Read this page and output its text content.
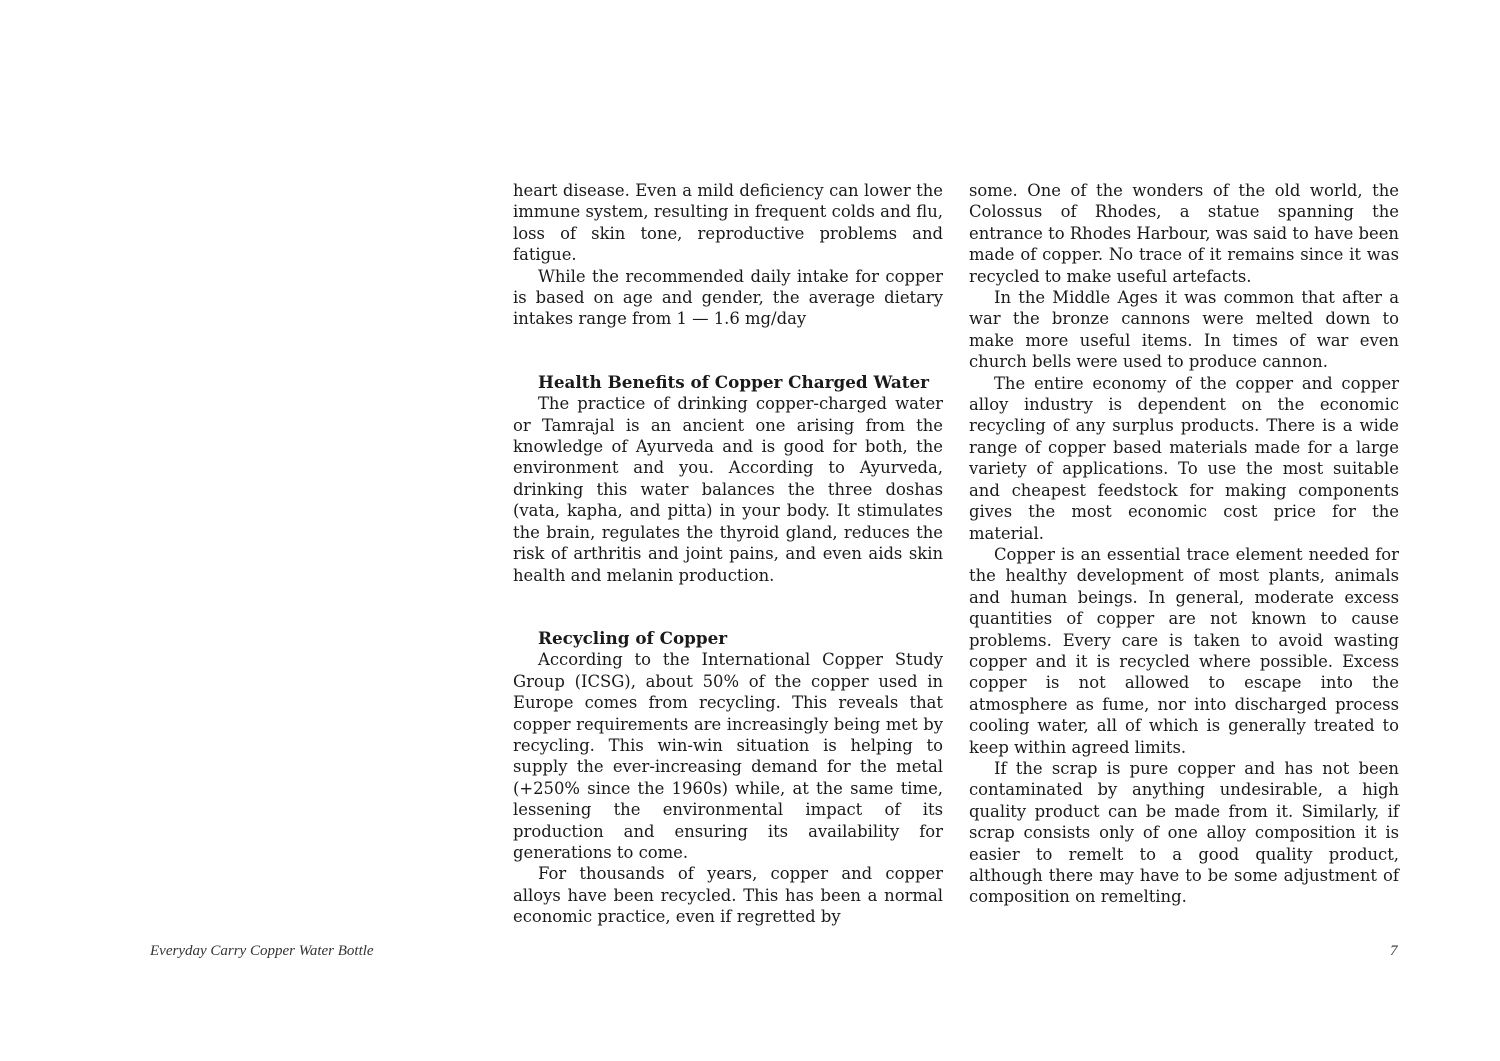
heart disease. Even a mild deficiency can lower the immune system, resulting in frequent colds and flu, loss of skin tone, reproductive problems and fatigue.

While the recommended daily intake for copper is based on age and gender, the average dietary intakes range from 1 — 1.6 mg/day

Health Benefits of Copper Charged Water

The practice of drinking copper-charged water or Tamrajal is an ancient one arising from the knowledge of Ayurveda and is good for both, the environment and you. According to Ayurveda, drinking this water balances the three doshas (vata, kapha, and pitta) in your body. It stimulates the brain, regulates the thyroid gland, reduces the risk of arthritis and joint pains, and even aids skin health and melanin production.

Recycling of Copper

According to the International Copper Study Group (ICSG), about 50% of the copper used in Europe comes from recycling. This reveals that copper requirements are increasingly being met by recycling. This win-win situation is helping to supply the ever-increasing demand for the metal (+250% since the 1960s) while, at the same time, lessening the environmental impact of its production and ensuring its availability for generations to come.

For thousands of years, copper and copper alloys have been recycled. This has been a normal economic practice, even if regretted by

some. One of the wonders of the old world, the Colossus of Rhodes, a statue spanning the entrance to Rhodes Harbour, was said to have been made of copper. No trace of it remains since it was recycled to make useful artefacts.

In the Middle Ages it was common that after a war the bronze cannons were melted down to make more useful items. In times of war even church bells were used to produce cannon.

The entire economy of the copper and copper alloy industry is dependent on the economic recycling of any surplus products. There is a wide range of copper based materials made for a large variety of applications. To use the most suitable and cheapest feedstock for making components gives the most economic cost price for the material.

Copper is an essential trace element needed for the healthy development of most plants, animals and human beings. In general, moderate excess quantities of copper are not known to cause problems. Every care is taken to avoid wasting copper and it is recycled where possible. Excess copper is not allowed to escape into the atmosphere as fume, nor into discharged process cooling water, all of which is generally treated to keep within agreed limits.

If the scrap is pure copper and has not been contaminated by anything undesirable, a high quality product can be made from it. Similarly, if scrap consists only of one alloy composition it is easier to remelt to a good quality product, although there may have to be some adjustment of composition on remelting.

Everyday Carry Copper Water Bottle	7
